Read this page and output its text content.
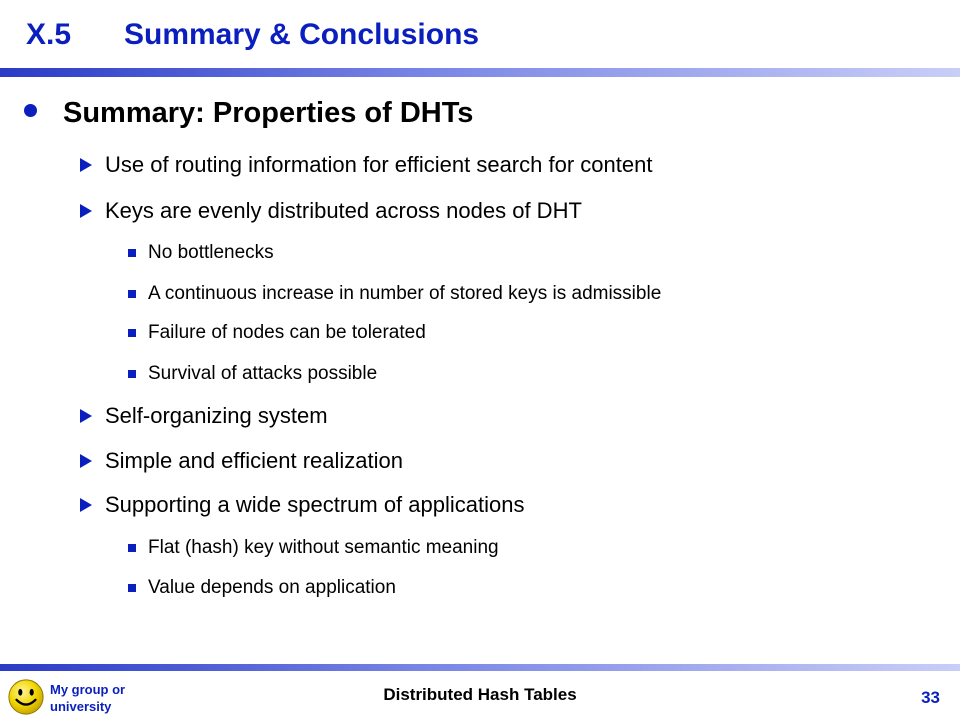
X.5	Summary & Conclusions
Summary: Properties of DHTs
Use of routing information for efficient search for content
Keys are evenly distributed across nodes of DHT
No bottlenecks
A continuous increase in number of stored keys is admissible
Failure of nodes can be tolerated
Survival of attacks possible
Self-organizing system
Simple and efficient realization
Supporting a wide spectrum of applications
Flat (hash) key without semantic meaning
Value depends on application
My group or
university
Distributed Hash Tables	33
